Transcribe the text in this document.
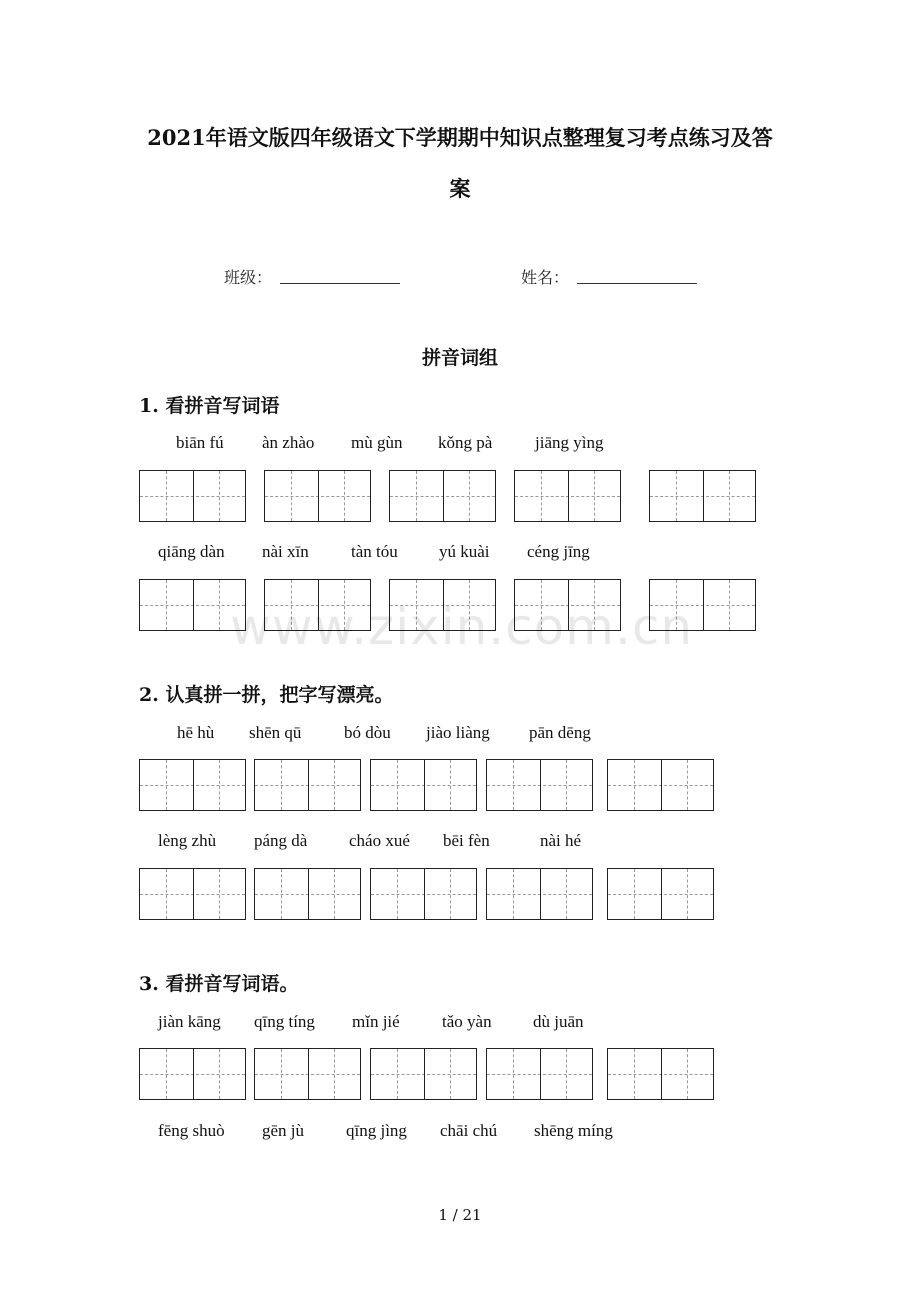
2021年语文版四年级语文下学期期中知识点整理复习考点练习及答
案
班级：	姓名：
拼音词组
1. 看拼音写词语
biān fú àn zhào mù gùn kǒng pà	jiāng yìng
qiāng dàn nài xīn tàn tóu yú kuài céng jīng
www.zixin.com.cn
2. 认真拼一拼，把字写漂亮。
hē hù shēn qū	bó dòu jiào liàng pān dēng
lèng zhù páng dà cháo xué bēi fèn	nài hé
3. 看拼音写词语。
jiàn kāng qīng tíng mǐn jié tǎo yàn dù juān
fēng shuò gēn jù qīng jìng chāi chú shēng míng
1 / 21
